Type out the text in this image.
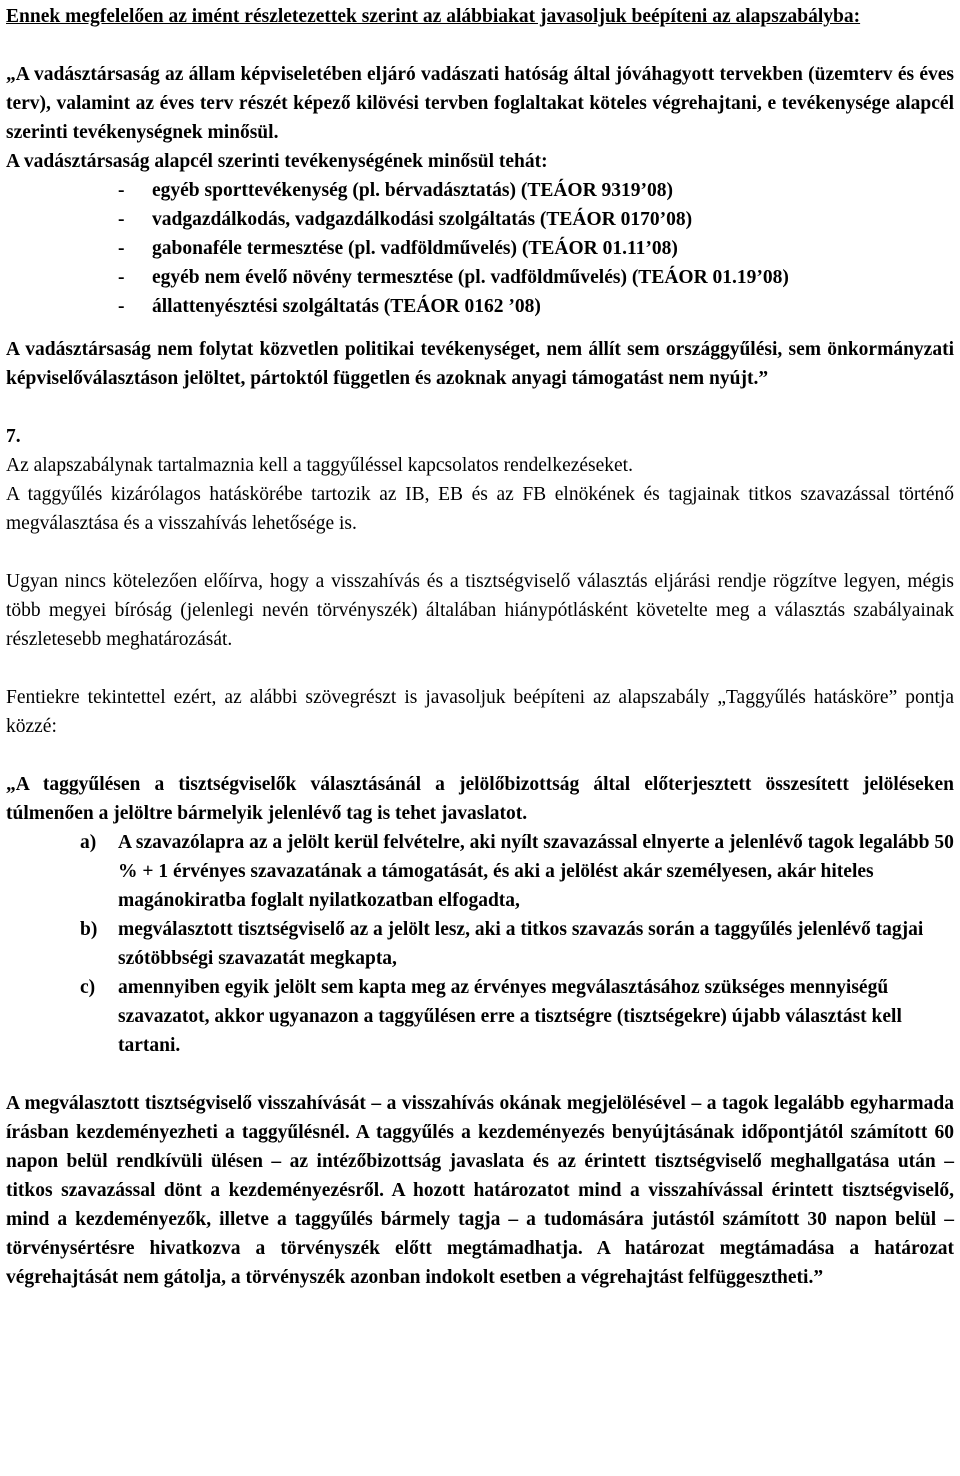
Ennek megfelelően az imént részletezettek szerint az alábbiakat javasoljuk beépíteni az alapszabályba:

„A vadásztársaság az állam képviseletében eljáró vadászati hatóság által jóváhagyott tervekben (üzemterv és éves terv), valamint az éves terv részét képező kilövési tervben foglaltakat köteles végrehajtani, e tevékenysége alapcél szerinti tevékenységnek minősül.

A vadásztársaság alapcél szerinti tevékenységének minősül tehát:

- egyéb sporttevékenység (pl. bérvadásztatás) (TEÁOR 9319’08)
- vadgazdálkodás, vadgazdálkodási szolgáltatás (TEÁOR 0170’08)
- gabonaféle termesztése (pl. vadföldművelés) (TEÁOR 01.11’08)
- egyéb nem évelő növény termesztése (pl. vadföldművelés) (TEÁOR 01.19’08)
- állattenyésztési szolgáltatás (TEÁOR 0162 ’08)

A vadásztársaság nem folytat közvetlen politikai tevékenységet, nem állít sem országgyűlési, sem önkormányzati képviselőválasztáson jelöltet, pártoktól független és azoknak anyagi támogatást nem nyújt.”

7.

Az alapszabálynak tartalmaznia kell a taggyűléssel kapcsolatos rendelkezéseket.

A taggyűlés kizárólagos hatáskörébe tartozik az IB, EB és az FB elnökének és tagjainak titkos szavazással történő megválasztása és a visszahívás lehetősége is.

Ugyan nincs kötelezően előírva, hogy a visszahívás és a tisztségviselő választás eljárási rendje rögzítve legyen, mégis több megyei bíróság (jelenlegi nevén törvényszék) általában hiánypótlásként követelte meg a választás szabályainak részletesebb meghatározását.

Fentiekre tekintettel ezért, az alábbi szövegrészt is javasoljuk beépíteni az alapszabály „Taggyűlés hatásköre” pontja közzé:

„A taggyűlésen a tisztségviselők választásánál a jelölőbizottság által előterjesztett összesített jelöléseken túlmenően a jelöltre bármelyik jelenlévő tag is tehet javaslatot.

a) A szavazólapra az a jelölt kerül felvételre, aki nyílt szavazással elnyerte a jelenlévő tagok legalább 50 % + 1 érvényes szavazatának a támogatását, és aki a jelölést akár személyesen, akár hiteles magánokiratba foglalt nyilatkozatban elfogadta,
b) megválasztott tisztségviselő az a jelölt lesz, aki a titkos szavazás során a taggyűlés jelenlévő tagjai szótöbbségi szavazatát megkapta,
c) amennyiben egyik jelölt sem kapta meg az érvényes megválasztásához szükséges mennyiségű szavazatot, akkor ugyanazon a taggyűlésen erre a tisztségre (tisztségekre) újabb választást kell tartani.

A megválasztott tisztségviselő visszahívását – a visszahívás okának megjelölésével – a tagok legalább egyharmada írásban kezdeményezheti a taggyűlésnél. A taggyűlés a kezdeményezés benyújtásának időpontjától számított 60 napon belül rendkívüli ülésen – az intézőbizottság javaslata és az érintett tisztségviselő meghallgatása után – titkos szavazással dönt a kezdeményezésről. A hozott határozatot mind a visszahívással érintett tisztségviselő, mind a kezdeményezők, illetve a taggyűlés bármely tagja – a tudomására jutástól számított 30 napon belül – törvénysértésre hivatkozva a törvényszék előtt megtámadhatja. A határozat megtámadása a határozat végrehajtását nem gátolja, a törvényszék azonban indokolt esetben a végrehajtást felfüggesztheti.”
